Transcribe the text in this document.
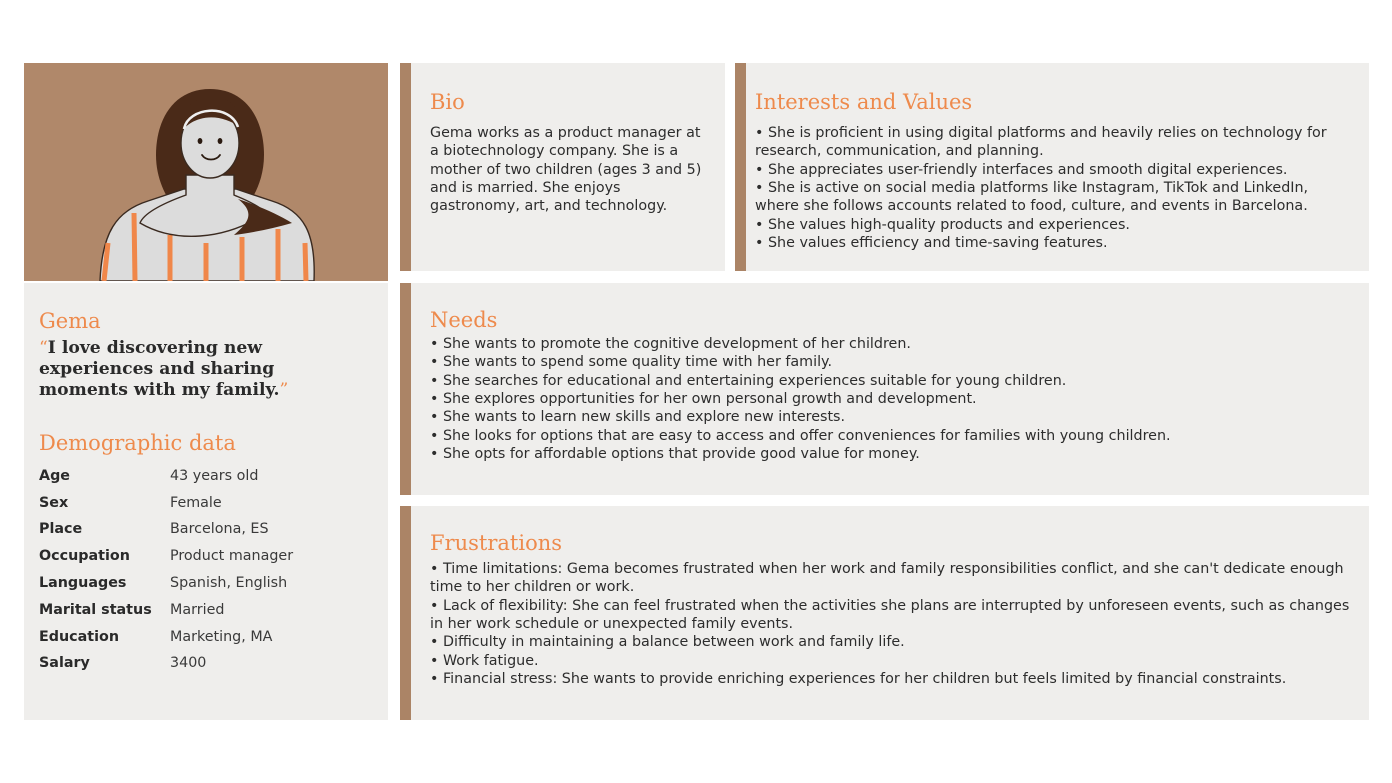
Gema

“I love discovering new experiences and sharing moments with my family.”

Demographic data
Age	43 years old
Sex	Female
Place	Barcelona, ES
Occupation	Product manager
Languages	Spanish, English
Marital status	Married
Education	Marketing, MA
Salary	3400
Bio

Gema works as a product manager at a biotechnology company. She is a mother of two children (ages 3 and 5) and is married. She enjoys gastronomy, art, and technology.

Interests and Values
• She is proficient in using digital platforms and heavily relies on technology for research, communication, and planning.
• She appreciates user-friendly interfaces and smooth digital experiences.
• She is active on social media platforms like Instagram, TikTok and LinkedIn, where she follows accounts related to food, culture, and events in Barcelona.
• She values high-quality products and experiences.
• She values efficiency and time-saving features.
Needs
• She wants to promote the cognitive development of her children.
• She wants to spend some quality time with her family.
• She searches for educational and entertaining experiences suitable for young children.
• She explores opportunities for her own personal growth and development.
• She wants to learn new skills and explore new interests.
• She looks for options that are easy to access and offer conveniences for families with young children.
• She opts for affordable options that provide good value for money.
Frustrations
• Time limitations: Gema becomes frustrated when her work and family responsibilities conflict, and she can't dedicate enough time to her children or work.
• Lack of flexibility: She can feel frustrated when the activities she plans are interrupted by unforeseen events, such as changes in her work schedule or unexpected family events.
• Difficulty in maintaining a balance between work and family life.
• Work fatigue.
• Financial stress: She wants to provide enriching experiences for her children but feels limited by financial constraints.
